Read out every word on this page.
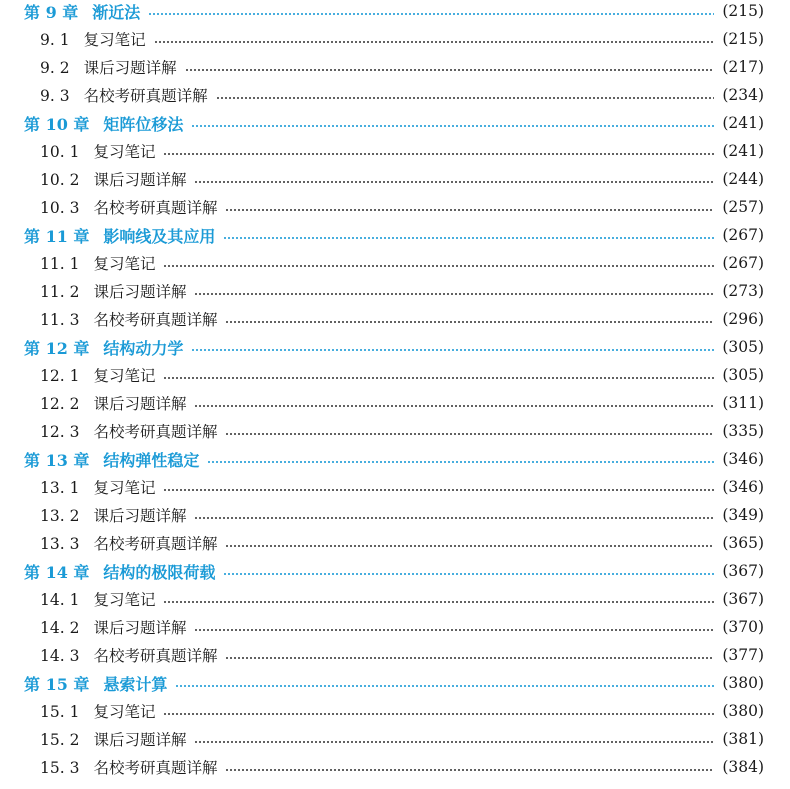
第 9 章 渐近法	(215)
9. 1 复习笔记	(215)
9. 2 课后习题详解	(217)
9. 3 名校考研真题详解	(234)
第 10 章 矩阵位移法	(241)
10. 1 复习笔记	(241)
10. 2 课后习题详解	(244)
10. 3 名校考研真题详解	(257)
第 11 章 影响线及其应用	(267)
11. 1 复习笔记	(267)
11. 2 课后习题详解	(273)
11. 3 名校考研真题详解	(296)
第 12 章 结构动力学	(305)
12. 1 复习笔记	(305)
12. 2 课后习题详解	(311)
12. 3 名校考研真题详解	(335)
第 13 章 结构弹性稳定	(346)
13. 1 复习笔记	(346)
13. 2 课后习题详解	(349)
13. 3 名校考研真题详解	(365)
第 14 章 结构的极限荷载	(367)
14. 1 复习笔记	(367)
14. 2 课后习题详解	(370)
14. 3 名校考研真题详解	(377)
第 15 章 悬索计算	(380)
15. 1 复习笔记	(380)
15. 2 课后习题详解	(381)
15. 3 名校考研真题详解	(384)
